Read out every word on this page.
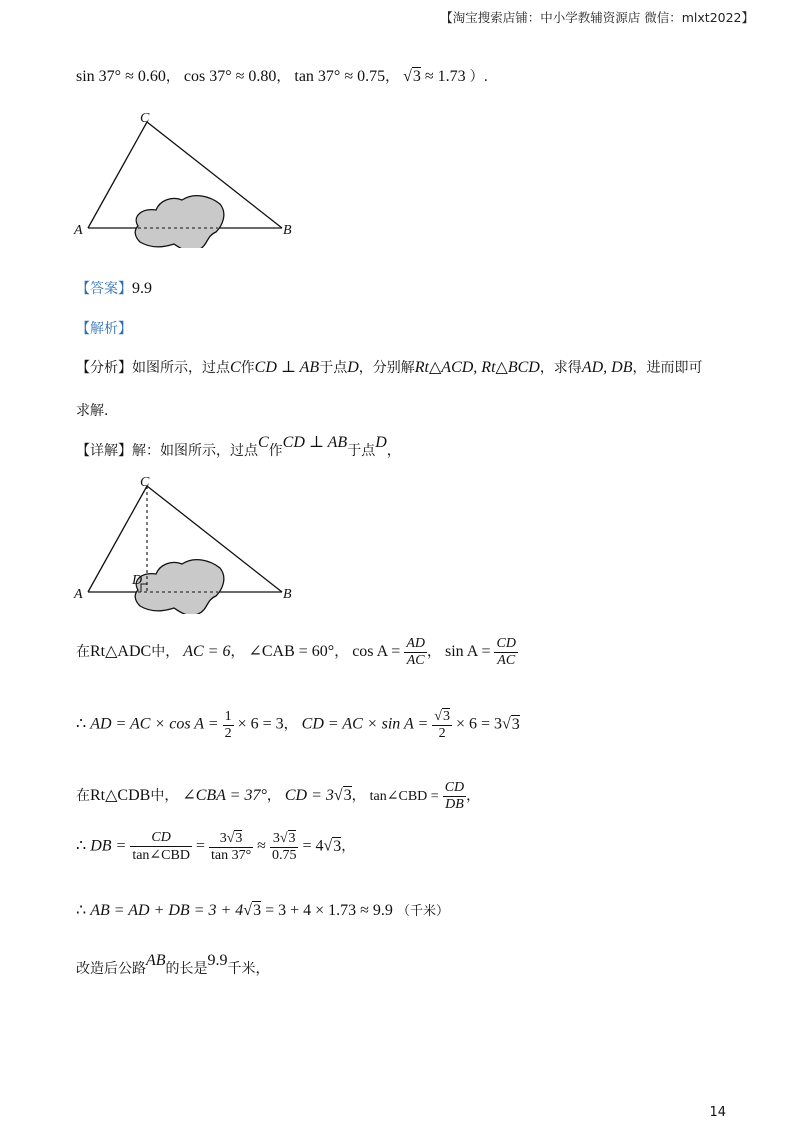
【淘宝搜索店铺：中小学教辅资源店 微信：mlxt2022】
sin 37° ≈ 0.60， cos 37° ≈ 0.80， tan 37° ≈ 0.75， √3 ≈ 1.73 ）.
C
A	B
【答案】9.9
【解析】
【分析】如图所示，过点C作CD ⊥ AB于点D，分别解Rt△ACD, Rt△BCD，求得AD, DB，进而即可
求解.
【详解】解：如图所示，过点C作CD ⊥ AB于点D，
C
A	B
D
在Rt△ADC中， AC = 6， ∠CAB = 60°， $\cos A = \frac{AD}{AC}$ ， $\sin A = \frac{CD}{AC}$
∴ AD = AC × $\cos A = \frac{1}{2} \times 6 = 3$， CD = AC × $\sin A = \frac{√3}{2} \times 6 = 3√3$
在Rt△CDB中， ∠CBA = 37°， CD = 3√3， tan∠CBD = $\frac{CD}{DB}$ ，
∴ DB = $\frac{CD}{\text{tan∠CBD}} = \frac{3√3}{\tan 37^\circ} \approx \frac{3√3}{0.75} = 4√3$，
∴ AB = AD + DB = 3 + 4√3 = 3 + 4 × 1.73 ≈ 9.9 （千米）
改造后公路AB的长是9.9千米，
14
